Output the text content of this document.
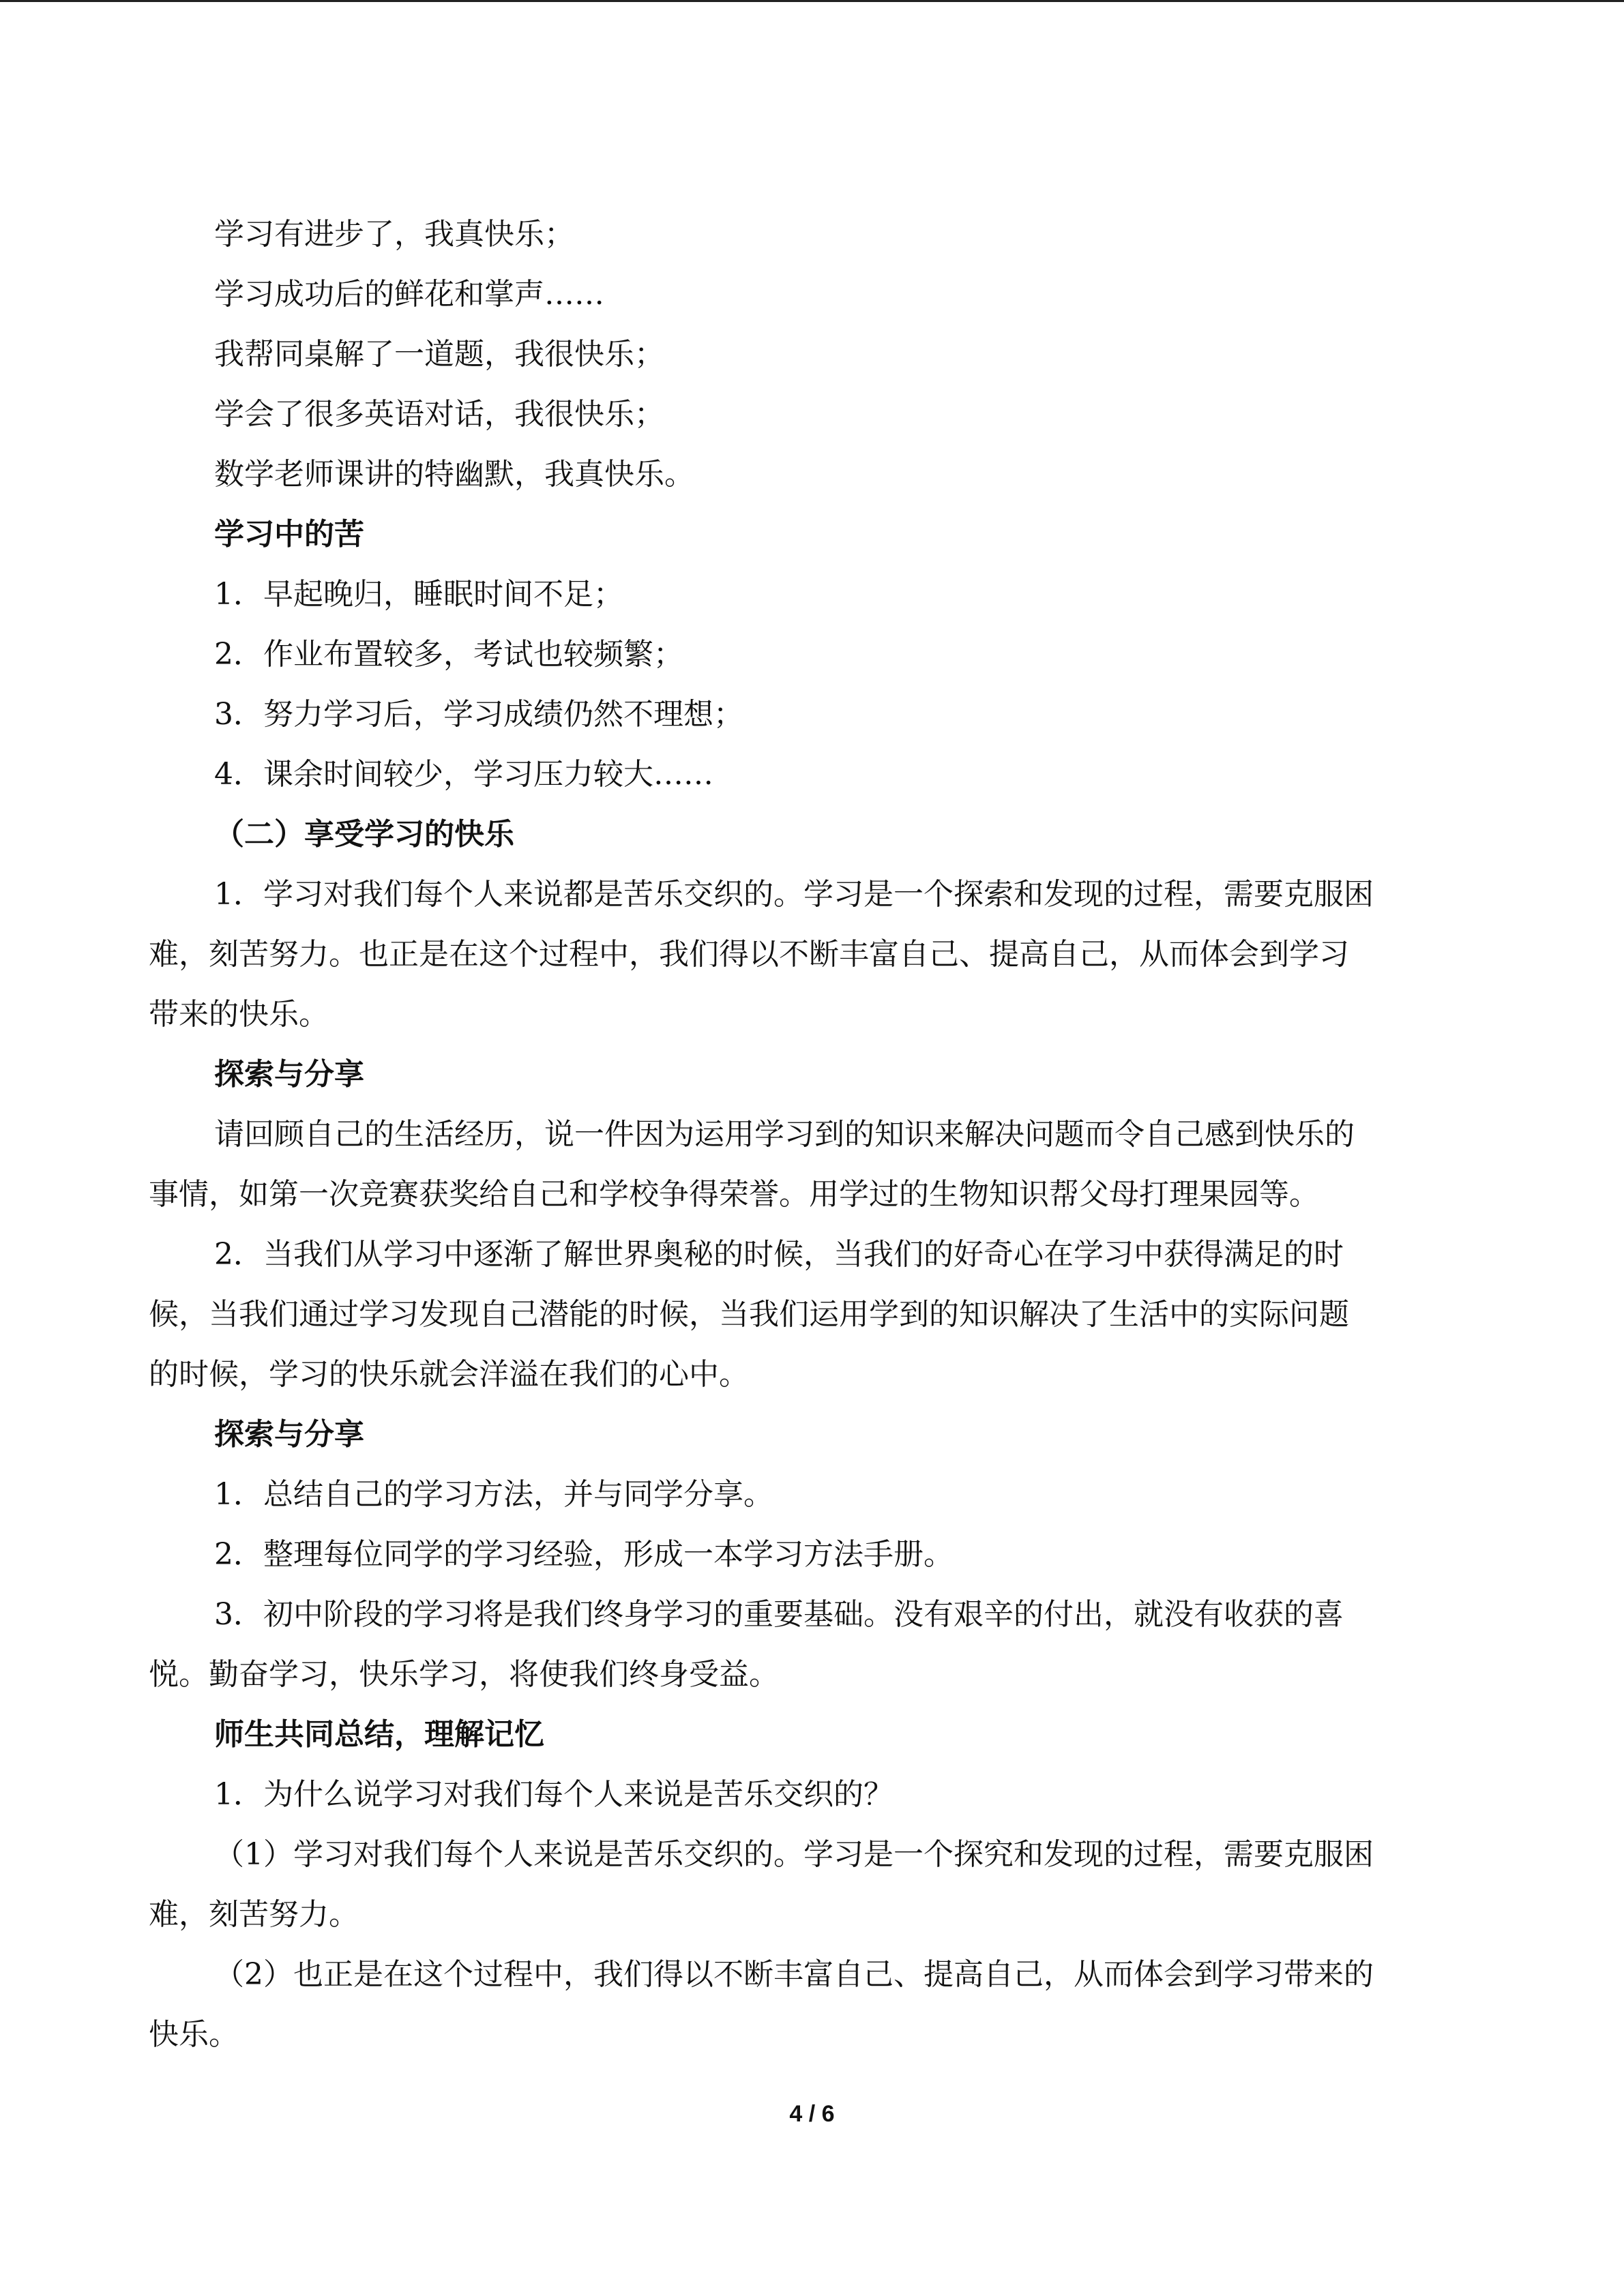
学习有进步了，我真快乐；
学习成功后的鲜花和掌声……
我帮同桌解了一道题，我很快乐；
学会了很多英语对话，我很快乐；
数学老师课讲的特幽默，我真快乐。
学习中的苦
1．早起晚归，睡眠时间不足；
2．作业布置较多，考试也较频繁；
3．努力学习后，学习成绩仍然不理想；
4．课余时间较少，学习压力较大……
（二）享受学习的快乐
1．学习对我们每个人来说都是苦乐交织的。学习是一个探索和发现的过程，需要克服困
难，刻苦努力。也正是在这个过程中，我们得以不断丰富自己、提高自己，从而体会到学习
带来的快乐。
探索与分享
请回顾自己的生活经历，说一件因为运用学习到的知识来解决问题而令自己感到快乐的
事情，如第一次竞赛获奖给自己和学校争得荣誉。用学过的生物知识帮父母打理果园等。
2．当我们从学习中逐渐了解世界奥秘的时候，当我们的好奇心在学习中获得满足的时
候，当我们通过学习发现自己潜能的时候，当我们运用学到的知识解决了生活中的实际问题
的时候，学习的快乐就会洋溢在我们的心中。
探索与分享
1．总结自己的学习方法，并与同学分享。
2．整理每位同学的学习经验，形成一本学习方法手册。
3．初中阶段的学习将是我们终身学习的重要基础。没有艰辛的付出，就没有收获的喜
悦。勤奋学习，快乐学习，将使我们终身受益。
师生共同总结，理解记忆
1．为什么说学习对我们每个人来说是苦乐交织的？
（1）学习对我们每个人来说是苦乐交织的。学习是一个探究和发现的过程，需要克服困
难，刻苦努力。
（2）也正是在这个过程中，我们得以不断丰富自己、提高自己，从而体会到学习带来的
快乐。
4 / 6
